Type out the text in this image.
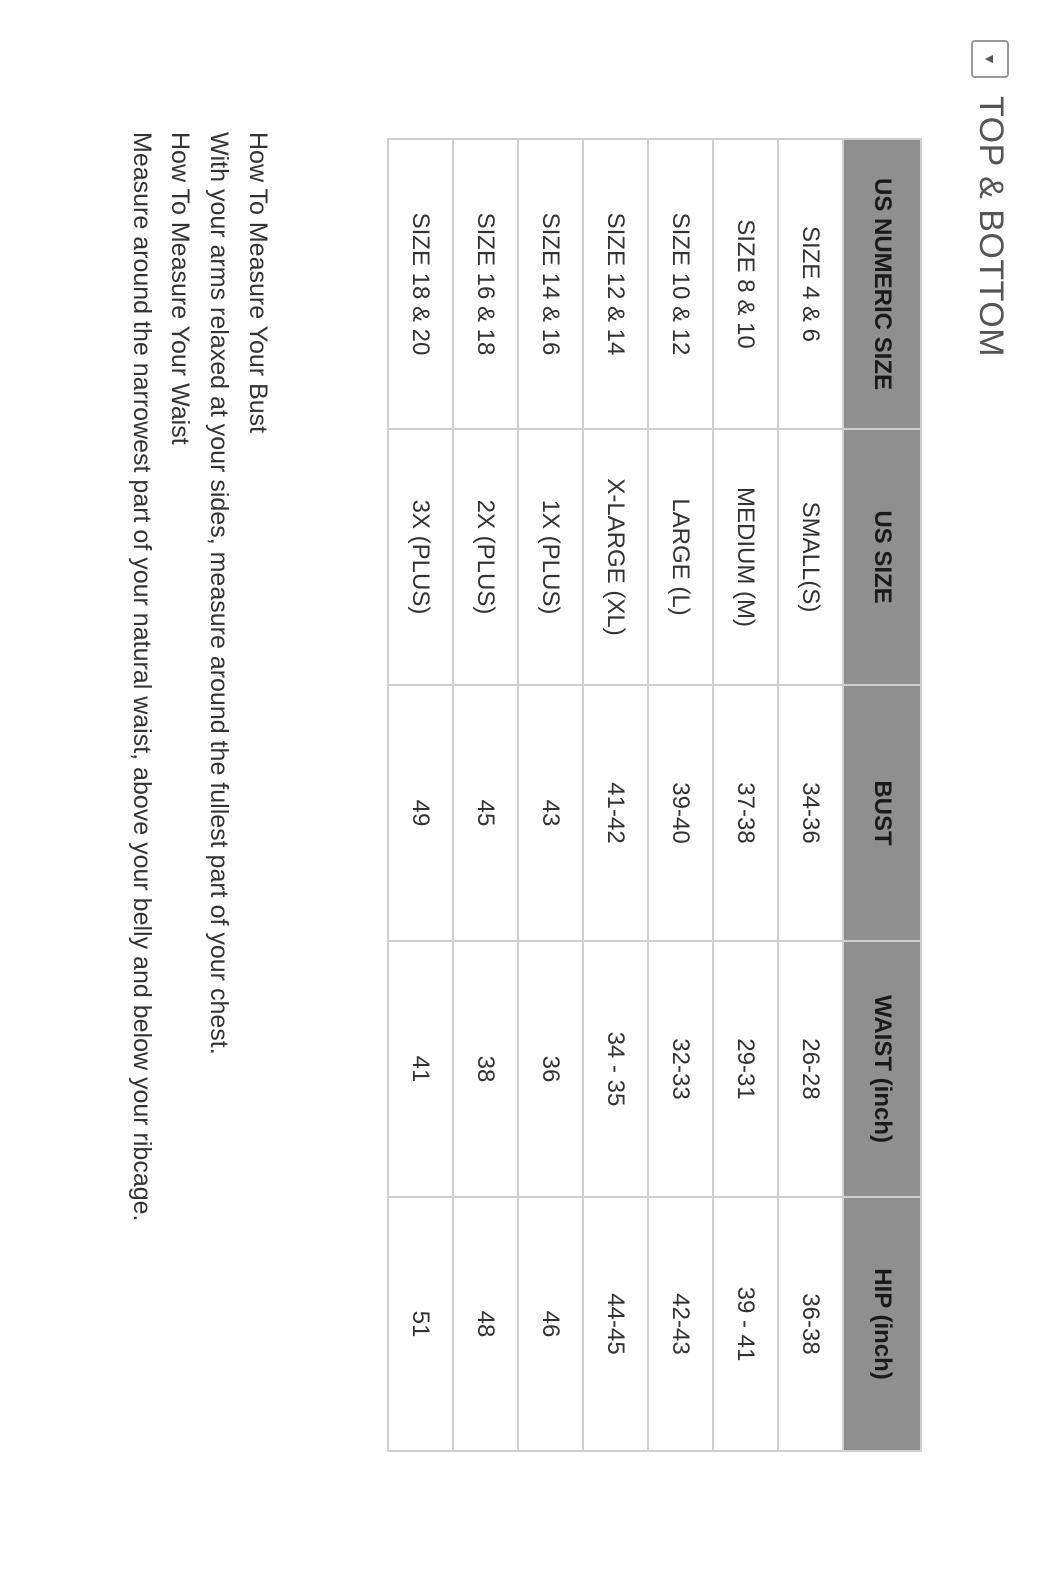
▼
TOP & BOTTOM
US NUMERIC SIZE	US SIZE	BUST	WAIST (inch)	HIP (inch)
SIZE 4 & 6	SMALL(S)	34-36	26-28	36-38
SIZE 8 & 10	MEDIUM (M)	37-38	29-31	39 - 41
SIZE 10 & 12	LARGE (L)	39-40	32-33	42-43
SIZE 12 & 14	X-LARGE (XL)	41-42	34 - 35	44-45
SIZE 14 & 16	1X (PLUS)	43	36	46
SIZE 16 & 18	2X (PLUS)	45	38	48
SIZE 18 & 20	3X (PLUS)	49	41	51

How To Measure Your Bust

With your arms relaxed at your sides, measure around the fullest part of your chest.

How To Measure Your Waist

Measure around the narrowest part of your natural waist, above your belly and below your ribcage.
